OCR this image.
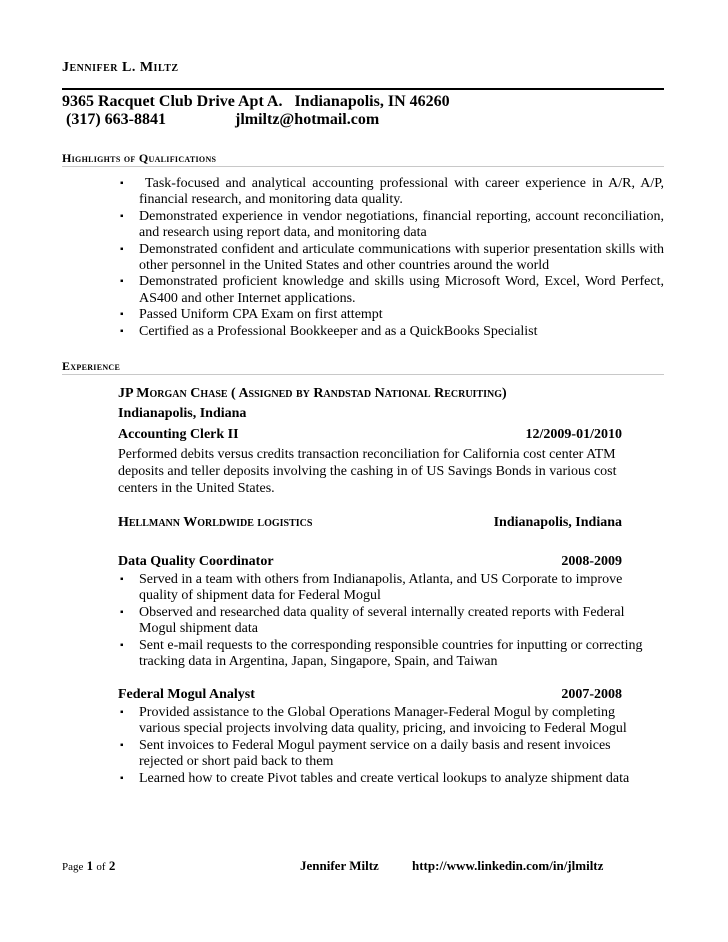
Jennifer L. Miltz
9365 Racquet Club Drive Apt A.   Indianapolis, IN 46260
(317) 663-8841	jlmiltz@hotmail.com
Highlights of Qualifications
▪ Task-focused and analytical accounting professional with career experience in A/R, A/P, financial research, and monitoring data quality.
▪ Demonstrated experience in vendor negotiations, financial reporting, account reconciliation, and research using report data, and monitoring data
▪ Demonstrated confident and articulate communications with superior presentation skills with other personnel in the United States and other countries around the world
▪ Demonstrated proficient knowledge and skills using Microsoft Word, Excel, Word Perfect, AS400 and other Internet applications.
▪ Passed Uniform CPA Exam on first attempt
▪ Certified as a Professional Bookkeeper and as a QuickBooks Specialist
Experience
JP Morgan Chase ( Assigned by Randstad National Recruiting)
Indianapolis, Indiana
Accounting Clerk II	12/2009-01/2010
Performed debits versus credits transaction reconciliation for California cost center ATM deposits and teller deposits involving the cashing in of US Savings Bonds in various cost centers in the United States.
Hellmann Worldwide logistics	Indianapolis, Indiana
Data Quality Coordinator	2008-2009
▪ Served in a team with others from Indianapolis, Atlanta, and US Corporate to improve quality of shipment data for Federal Mogul
▪ Observed and researched data quality of several internally created reports with Federal Mogul shipment data
▪ Sent e-mail requests to the corresponding responsible countries for inputting or correcting tracking data in Argentina, Japan, Singapore, Spain, and Taiwan
Federal Mogul Analyst	2007-2008
▪ Provided assistance to the Global Operations Manager-Federal Mogul by completing various special projects involving data quality, pricing, and invoicing to Federal Mogul
▪ Sent invoices to Federal Mogul payment service on a daily basis and resent invoices rejected or short paid back to them
▪ Learned how to create Pivot tables and create vertical lookups to analyze shipment data
Page 1 of 2	Jennifer Miltz	http://www.linkedin.com/in/jlmiltz
